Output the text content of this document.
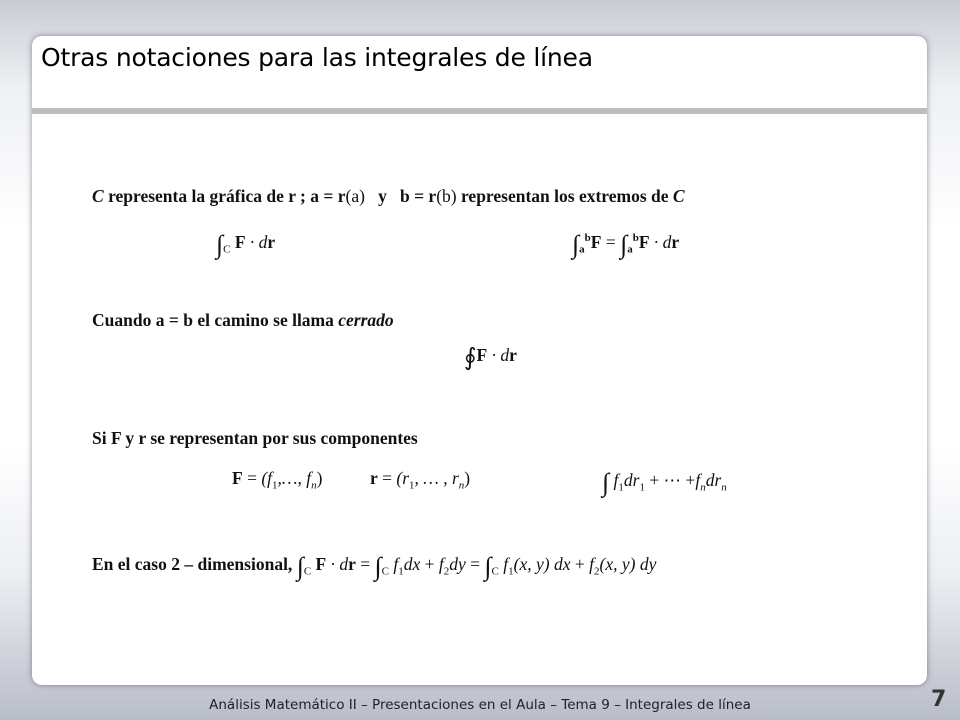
Otras notaciones para las integrales de línea
C representa la gráfica de r ; a = r(a) y b = r(b) representan los extremos de C
$\int_C$ F · dr	$\int_a^bF = \int_a^bF$ · dr
Cuando a = b el camino se llama cerrado
∮F · dr
Si F y r se representan por sus componentes
$F = (f_1,\dots$, $f_n$)	$r = (r_1$, … , $r_n$)	∫ $f_1dr_1$ + ⋯ $+f_ndr_n$
En el caso 2 – dimensional, $\int_C$ F · dr = $\int_C$ $f_1dx + f_2dy = \int_C$ $f_1(x$, y) dx + $f_2(x$, y) dy
Análisis Matemático II – Presentaciones en el Aula – Tema 9 – Integrales de línea	7
